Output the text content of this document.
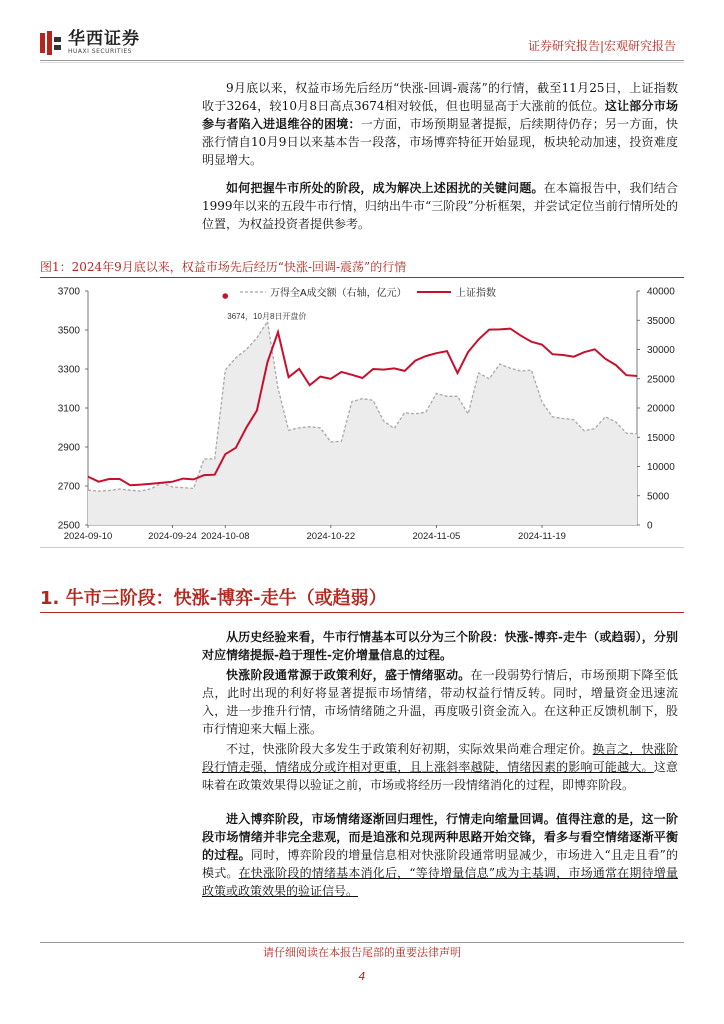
华西证券
HUAXI SECURITIES	证券研究报告|宏观研究报告
9月底以来，权益市场先后经历“快涨-回调-震荡”的行情，截至11月25日，上证指数收于3264，较10月8日高点3674相对较低，但也明显高于大涨前的低位。这让部分市场参与者陷入进退维谷的困境：一方面，市场预期显著提振，后续期待仍存；另一方面，快涨行情自10月9日以来基本告一段落，市场博弈特征开始显现，板块轮动加速，投资难度明显增大。
如何把握牛市所处的阶段，成为解决上述困扰的关键问题。在本篇报告中，我们结合1999年以来的五段牛市行情，归纳出牛市“三阶段”分析框架，并尝试定位当前行情所处的位置，为权益投资者提供参考。
图1：2024年9月底以来，权益市场先后经历“快涨-回调-震荡”的行情
2500
2700
2900
3100
3300
3500
3700
0
5000
10000
15000
20000
25000
30000
35000
40000
2024-09-10	2024-09-24 2024-10-08	2024-10-22	2024-11-05	2024-11-19
3674，10月8日开盘价
万得全A成交额（右轴，亿元）	上证指数
1. 牛市三阶段：快涨-博弈-走牛（或趋弱）
从历史经验来看，牛市行情基本可以分为三个阶段：快涨-博弈-走牛（或趋弱），分别对应情绪提振-趋于理性-定价增量信息的过程。
快涨阶段通常源于政策利好，盛于情绪驱动。在一段弱势行情后，市场预期下降至低点，此时出现的利好将显著提振市场情绪，带动权益行情反转。同时，增量资金迅速流入，进一步推升行情，市场情绪随之升温，再度吸引资金流入。在这种正反馈机制下，股市行情迎来大幅上涨。
不过，快涨阶段大多发生于政策利好初期，实际效果尚难合理定价。换言之，快涨阶段行情走强，情绪成分或许相对更重，且上涨斜率越陡，情绪因素的影响可能越大。这意味着在政策效果得以验证之前，市场或将经历一段情绪消化的过程，即博弈阶段。
进入博弈阶段，市场情绪逐渐回归理性，行情走向缩量回调。值得注意的是，这一阶段市场情绪并非完全悲观，而是追涨和兑现两种思路开始交锋，看多与看空情绪逐渐平衡的过程。同时，博弈阶段的增量信息相对快涨阶段通常明显减少，市场进入“且走且看”的模式。在快涨阶段的情绪基本消化后，“等待增量信息”成为主基调，市场通常在期待增量政策或政策效果的验证信号。
请仔细阅读在本报告尾部的重要法律声明
4
